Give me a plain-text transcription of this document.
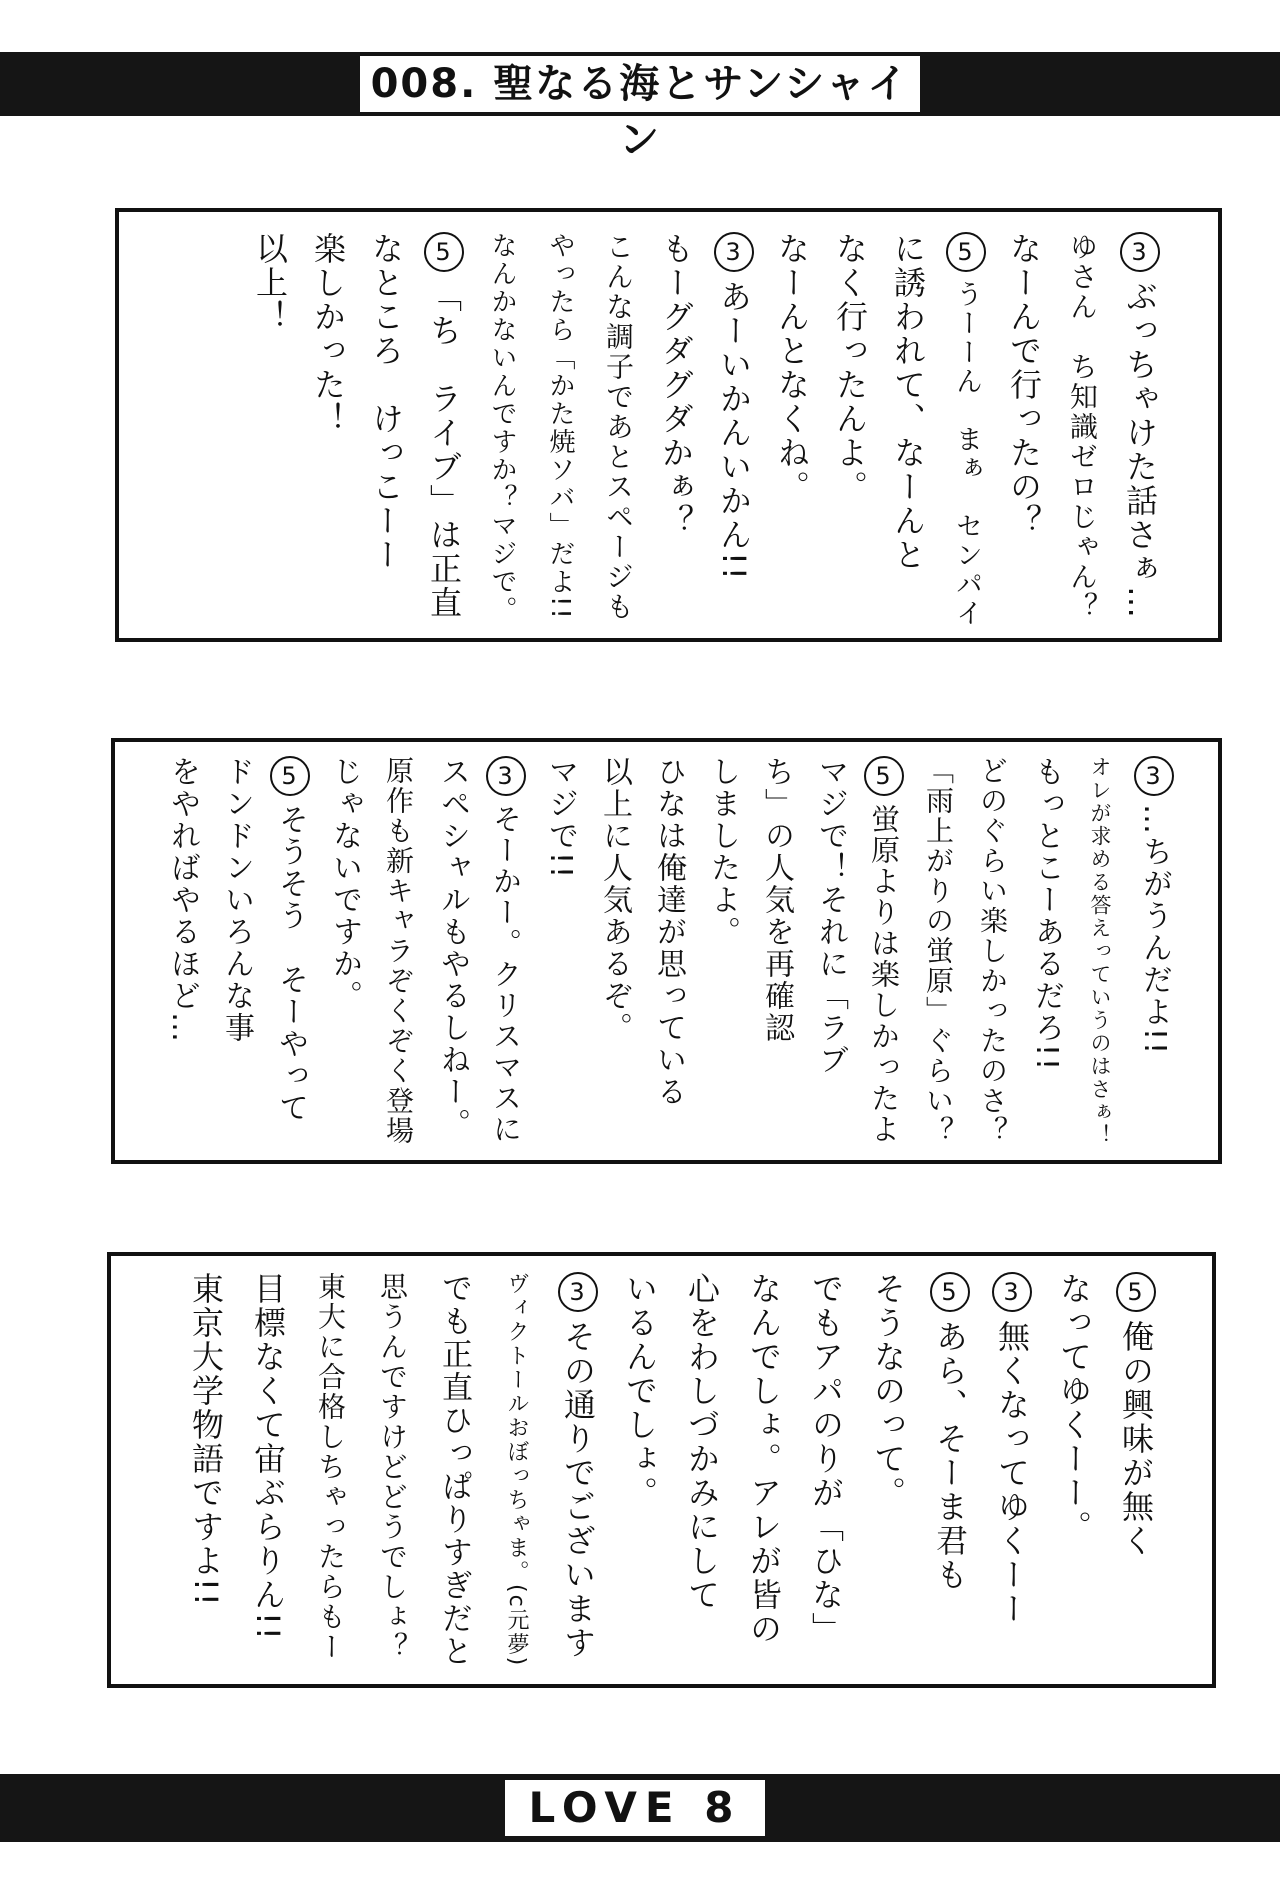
008. 聖なる海とサンシャイン
3ぶっちゃけた話さぁ…
ゆさん　ち知識ゼロじゃん？
なーんで行ったの？
5うーーん　まぁ　センパイ
に誘われて、なーんと
なく行ったんよ。
なーんとなくね。
3あーいかんいかん!!
もーグダグダかぁ？
こんな調子であとスページも
やったら「かた焼ソバ」だよ!!
なんかないんですか？マジで。
5「ち　ライブ」は正直
なところ　けっこーー
楽しかった！
以上！
3…ちがうんだよ!!
オレが求める答えっていうのはさぁ！
もっとこーあるだろ!!
どのぐらい楽しかったのさ？
「雨上がりの蛍原」ぐらい？
5蛍原よりは楽しかったよ
マジで！それに「ラブ
ち」の人気を再確認
しましたよ。
ひなは俺達が思っている
以上に人気あるぞ。
マジで!!
3そーかー。クリスマスに
スペシャルもやるしねー。
原作も新キャラぞくぞく登場
じゃないですか。
5そうそう　そーやって
ドンドンいろんな事
をやればやるほど…
5俺の興味が無く
なってゆくーー。
3無くなってゆくーー
5あら、そーま君も
そうなのって。
でもアパのりが「ひな」
なんでしょ。アレが皆の
心をわしづかみにして
いるんでしょ。
3その通りでございます
ヴィクトールおぼっちゃま。(c元夢)
でも正直ひっぱりすぎだと
思うんですけどどうでしょ？
東大に合格しちゃったらもー
目標なくて宙ぶらりん!!
東京大学物語ですよ!!
LOVE 8
